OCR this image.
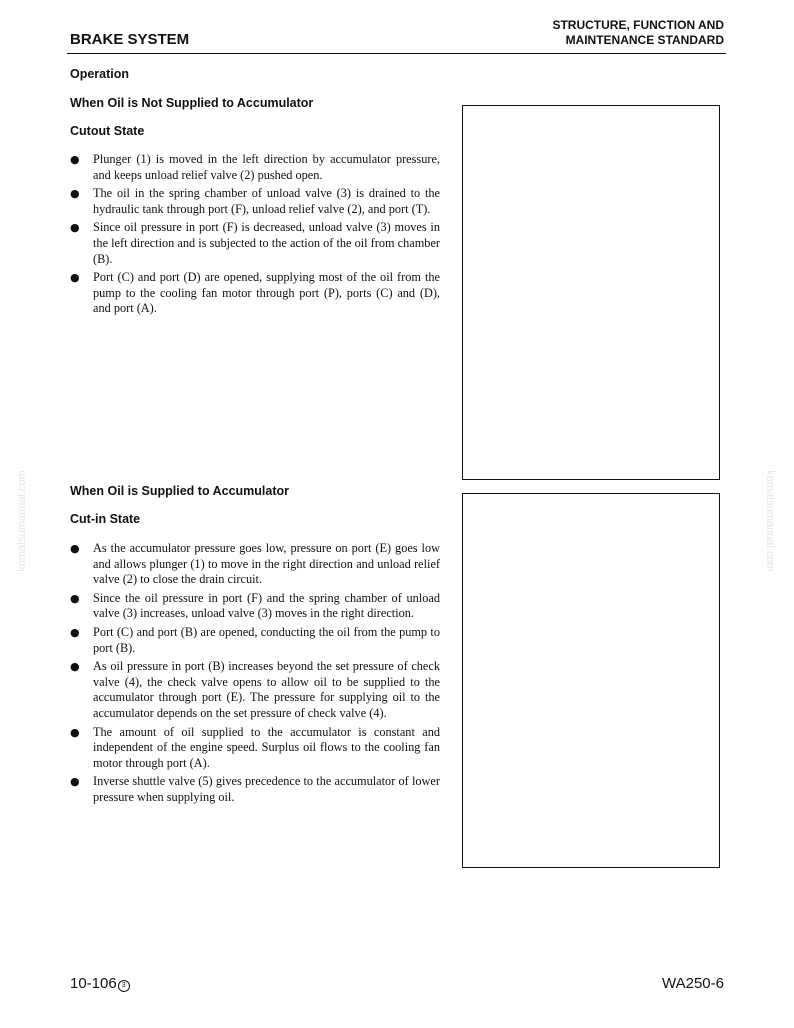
BRAKE SYSTEM
STRUCTURE, FUNCTION AND
MAINTENANCE STANDARD
Operation
When Oil is Not Supplied to Accumulator
Cutout State
● Plunger (1) is moved in the left direction by accumulator pressure, and keeps unload relief valve (2) pushed open.
● The oil in the spring chamber of unload valve (3) is drained to the hydraulic tank through port (F), unload relief valve (2), and port (T).
● Since oil pressure in port (F) is decreased, unload valve (3) moves in the left direction and is subjected to the action of the oil from chamber (B).
● Port (C) and port (D) are opened, supplying most of the oil from the pump to the cooling fan motor through port (P), ports (C) and (D), and port (A).
When Oil is Supplied to Accumulator
Cut-in State
● As the accumulator pressure goes low, pressure on port (E) goes low and allows plunger (1) to move in the right direction and unload relief valve (2) to close the drain circuit.
● Since the oil pressure in port (F) and the spring chamber of unload valve (3) increases, unload valve (3) moves in the right direction.
● Port (C) and port (B) are opened, conducting the oil from the pump to port (B).
● As oil pressure in port (B) increases beyond the set pressure of check valve (4), the check valve opens to allow oil to be supplied to the accumulator through port (E). The pressure for supplying oil to the accumulator depends on the set pressure of check valve (4).
● The amount of oil supplied to the accumulator is constant and independent of the engine speed. Surplus oil flows to the cooling fan motor through port (A).
● Inverse shuttle valve (5) gives precedence to the accumulator of lower pressure when supplying oil.
komatsumanual.com	komatsumanual.com
10-106 3	WA250-6
